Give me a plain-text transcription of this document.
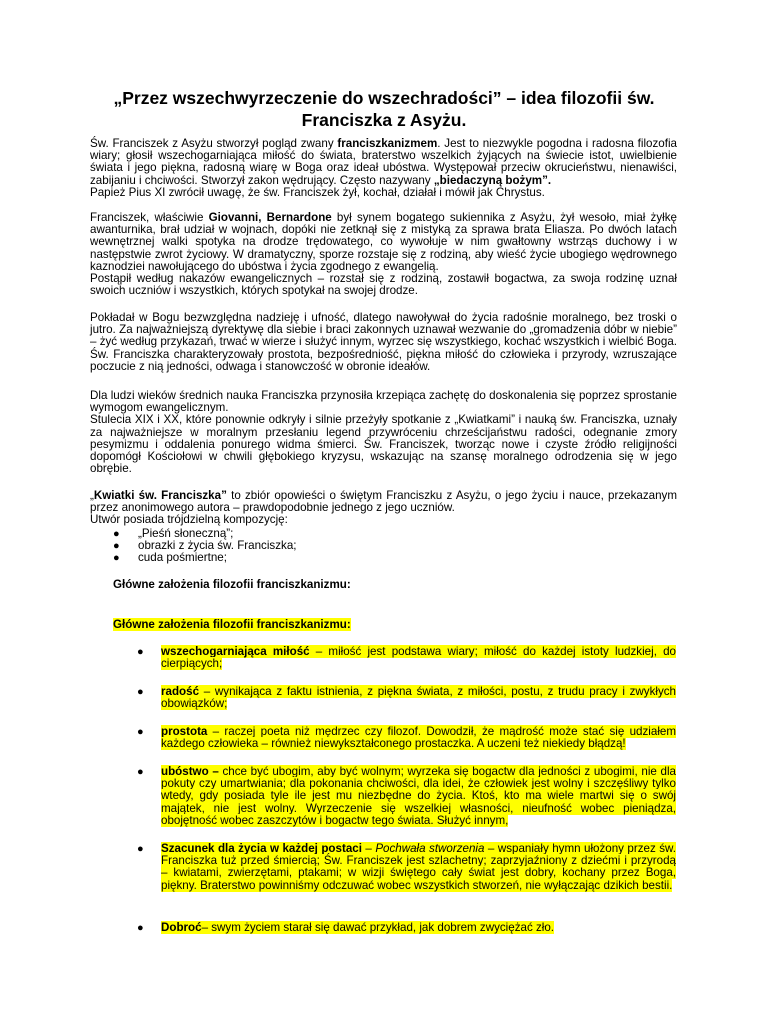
„Przez wszechwyrzeczenie do wszechradości” – idea filozofii św. Franciszka z Asyżu.

Św. Franciszek z Asyżu stworzył pogląd zwany franciszkanizmem. Jest to niezwykle pogodna i radosna filozofia wiary; głosił wszechogarniająca miłość do świata, braterstwo wszelkich żyjących na świecie istot, uwielbienie świata i jego piękna, radosną wiarę w Boga oraz ideał ubóstwa. Występował przeciw okrucieństwu, nienawiści, zabijaniu i chciwości. Stworzył zakon wędrujący. Często nazywany „biedaczyną bożym”.
Papież Pius XI zwrócił uwagę, że św. Franciszek żył, kochał, działał i mówił jak Chrystus.

Franciszek, właściwie Giovanni, Bernardone był synem bogatego sukiennika z Asyżu, żył wesoło, miał żyłkę awanturnika, brał udział w wojnach, dopóki nie zetknął się z mistyką za sprawa brata Eliasza. Po dwóch latach wewnętrznej walki spotyka na drodze trędowatego, co wywołuje w nim gwałtowny wstrząs duchowy i w następstwie zwrot życiowy. W dramatyczny, sporze rozstaje się z rodziną, aby wieść życie ubogiego wędrownego kaznodziei nawołującego do ubóstwa i życia zgodnego z ewangelią.
Postąpił według nakazów ewangelicznych – rozstał się z rodziną, zostawił bogactwa, za swoja rodzinę uznał swoich uczniów i wszystkich, których spotykał na swojej drodze.

Pokładał w Bogu bezwzględna nadzieję i ufność, dlatego nawoływał do życia radośnie moralnego, bez troski o jutro. Za najważniejszą dyrektywę dla siebie i braci zakonnych uznawał wezwanie do „gromadzenia dóbr w niebie” – żyć według przykazań, trwać w wierze i służyć innym, wyrzec się wszystkiego, kochać wszystkich i wielbić Boga. Św. Franciszka charakteryzowały prostota, bezpośredniość, piękna miłość do człowieka i przyrody, wzruszające poczucie z nią jedności, odwaga i stanowczość w obronie ideałów.

Dla ludzi wieków średnich nauka Franciszka przynosiła krzepiąca zachętę do doskonalenia się poprzez sprostanie wymogom ewangelicznym.
Stulecia XIX i XX, które ponownie odkryły i silnie przeżyły spotkanie z „Kwiatkami” i nauką św. Franciszka, uznały za najważniejsze w moralnym przesłaniu legend przywróceniu chrześcijaństwu radości, odegnanie zmory pesymizmu i oddalenia ponurego widma śmierci. Św. Franciszek, tworząc nowe i czyste źródło religijności dopomógł Kościołowi w chwili głębokiego kryzysu, wskazując na szansę moralnego odrodzenia się w jego obrębie.

„Kwiatki św. Franciszka” to zbiór opowieści o świętym Franciszku z Asyżu, o jego życiu i nauce, przekazanym przez anonimowego autora – prawdopodobnie jednego z jego uczniów.
Utwór posiada trójdzielną kompozycję:

● „Pieśń słoneczną”;
● obrazki z życia św. Franciszka;
● cuda pośmiertne;

Główne założenia filozofii franciszkanizmu:

Główne założenia filozofii franciszkanizmu:

● wszechogarniająca miłość – miłość jest podstawa wiary; miłość do każdej istoty ludzkiej, do cierpiących;
● radość – wynikająca z faktu istnienia, z piękna świata, z miłości, postu, z trudu pracy i zwykłych obowiązków;
● prostota – raczej poeta niż mędrzec czy filozof. Dowodził, że mądrość może stać się udziałem każdego człowieka – również niewykształconego prostaczka. A uczeni też niekiedy błądzą!
● ubóstwo – chce być ubogim, aby być wolnym; wyrzeka się bogactw dla jedności z ubogimi, nie dla pokuty czy umartwiania; dla pokonania chciwości, dla idei, że człowiek jest wolny i szczęśliwy tylko wtedy, gdy posiada tyle ile jest mu niezbędne do życia. Ktoś, kto ma wiele martwi się o swój majątek, nie jest wolny. Wyrzeczenie się wszelkiej własności, nieufność wobec pieniądza, obojętność wobec zaszczytów i bogactw tego świata. Służyć innym,
● Szacunek dla życia w każdej postaci – Pochwała stworzenia – wspaniały hymn ułożony przez św. Franciszka tuż przed śmiercią; Św. Franciszek jest szlachetny; zaprzyjaźniony z dziećmi i przyrodą – kwiatami, zwierzętami, ptakami; w wizji świętego cały świat jest dobry, kochany przez Boga, piękny. Braterstwo powinniśmy odczuwać wobec wszystkich stworzeń, nie wyłączając dzikich bestii.
● Dobroć– swym życiem starał się dawać przykład, jak dobrem zwyciężać zło.
